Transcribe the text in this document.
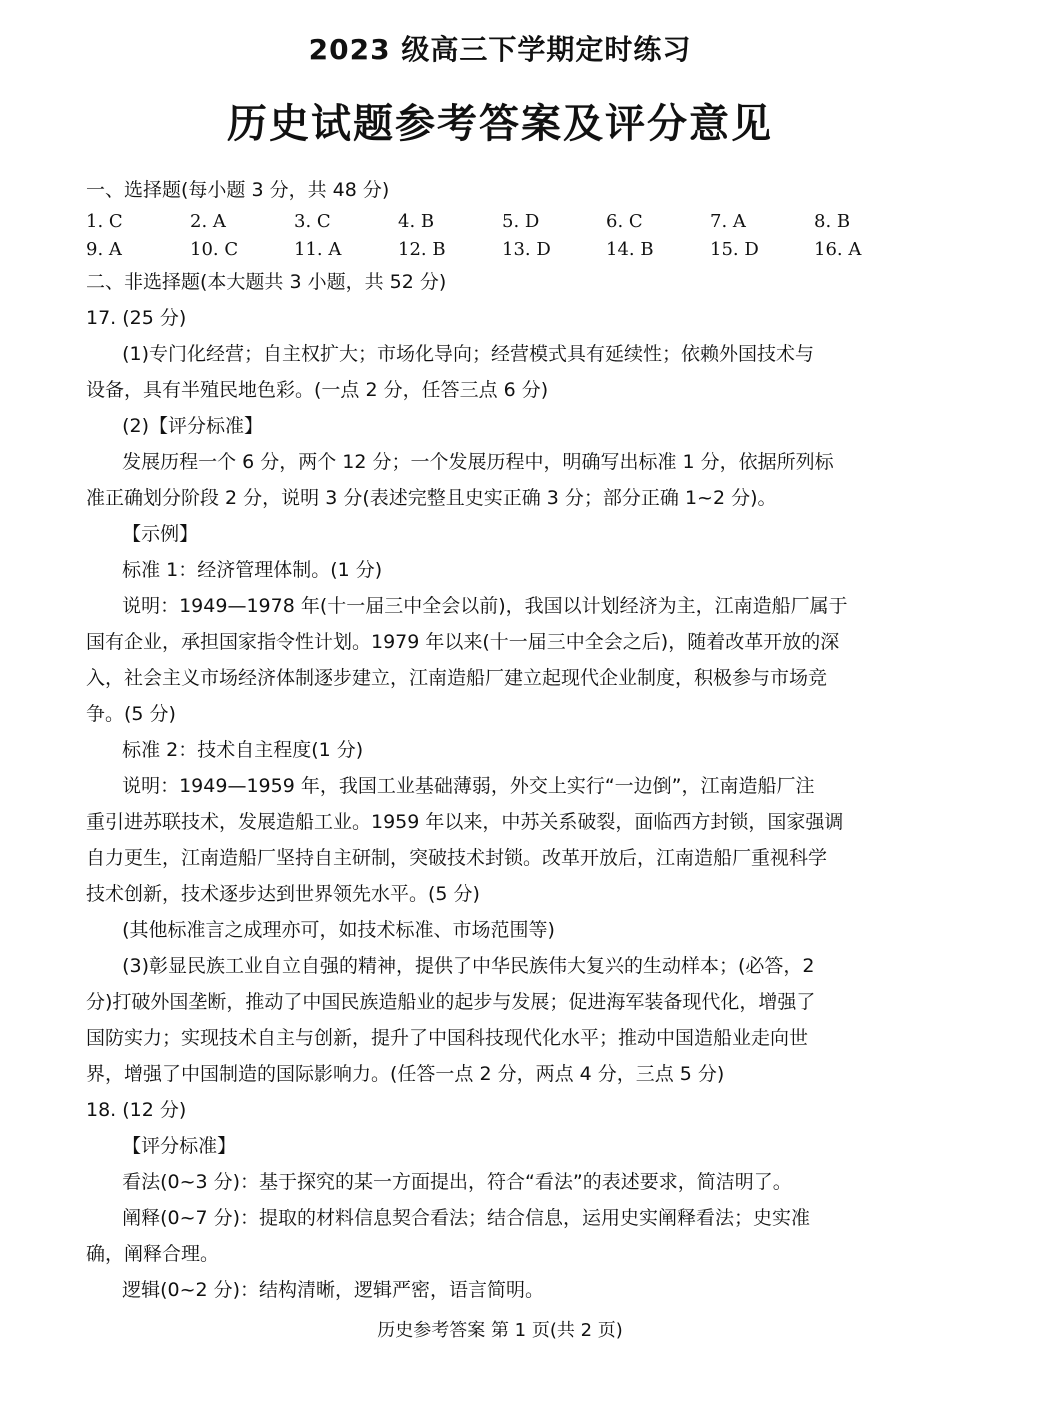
2023 级高三下学期定时练习
历史试题参考答案及评分意见
一、选择题(每小题 3 分，共 48 分)
1. C	2. A	3. C	4. B	5. D	6. C	7. A	8. B
9. A	10. C	11. A	12. B	13. D	14. B	15. D	16. A
二、非选择题(本大题共 3 小题，共 52 分)
17. (25 分)
(1)专门化经营；自主权扩大；市场化导向；经营模式具有延续性；依赖外国技术与
设备，具有半殖民地色彩。(一点 2 分，任答三点 6 分)
(2)【评分标准】
发展历程一个 6 分，两个 12 分；一个发展历程中，明确写出标准 1 分，依据所列标
准正确划分阶段 2 分，说明 3 分(表述完整且史实正确 3 分；部分正确 1~2 分)。
【示例】
标准 1：经济管理体制。(1 分)
说明：1949—1978 年(十一届三中全会以前)，我国以计划经济为主，江南造船厂属于
国有企业，承担国家指令性计划。1979 年以来(十一届三中全会之后)，随着改革开放的深
入，社会主义市场经济体制逐步建立，江南造船厂建立起现代企业制度，积极参与市场竞
争。(5 分)
标准 2：技术自主程度(1 分)
说明：1949—1959 年，我国工业基础薄弱，外交上实行“一边倒”，江南造船厂注
重引进苏联技术，发展造船工业。1959 年以来，中苏关系破裂，面临西方封锁，国家强调
自力更生，江南造船厂坚持自主研制，突破技术封锁。改革开放后，江南造船厂重视科学
技术创新，技术逐步达到世界领先水平。(5 分)
(其他标准言之成理亦可，如技术标准、市场范围等)
(3)彰显民族工业自立自强的精神，提供了中华民族伟大复兴的生动样本；(必答，2
分)打破外国垄断，推动了中国民族造船业的起步与发展；促进海军装备现代化，增强了
国防实力；实现技术自主与创新，提升了中国科技现代化水平；推动中国造船业走向世
界，增强了中国制造的国际影响力。(任答一点 2 分，两点 4 分，三点 5 分)
18. (12 分)
【评分标准】
看法(0~3 分)：基于探究的某一方面提出，符合“看法”的表述要求，简洁明了。
阐释(0~7 分)：提取的材料信息契合看法；结合信息，运用史实阐释看法；史实准
确，阐释合理。
逻辑(0~2 分)：结构清晰，逻辑严密，语言简明。
历史参考答案 第 1 页(共 2 页)
